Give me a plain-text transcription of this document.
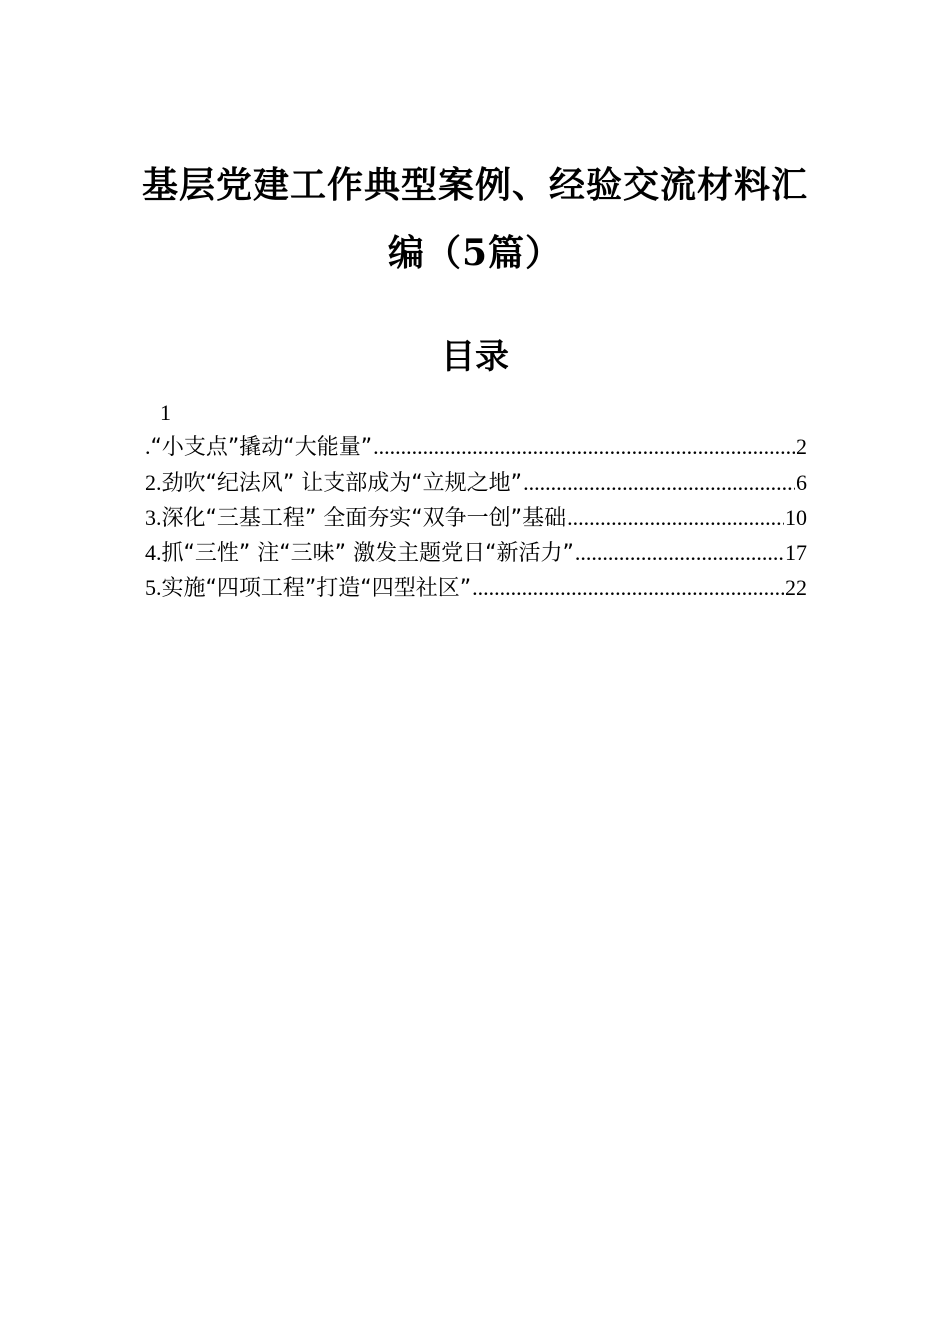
基层党建工作典型案例、经验交流材料汇
编（5篇）
目录
1
. “小支点”撬动“大能量” .....	2
2. 劲吹“纪法风” 让支部成为“立规之地” .....	6
3. 深化“三基工程” 全面夯实“双争一创”基础 .....	10
4. 抓“三性” 注“三味” 激发主题党日“新活力” .....	17
5. 实施“四项工程”打造“四型社区” .....	22
